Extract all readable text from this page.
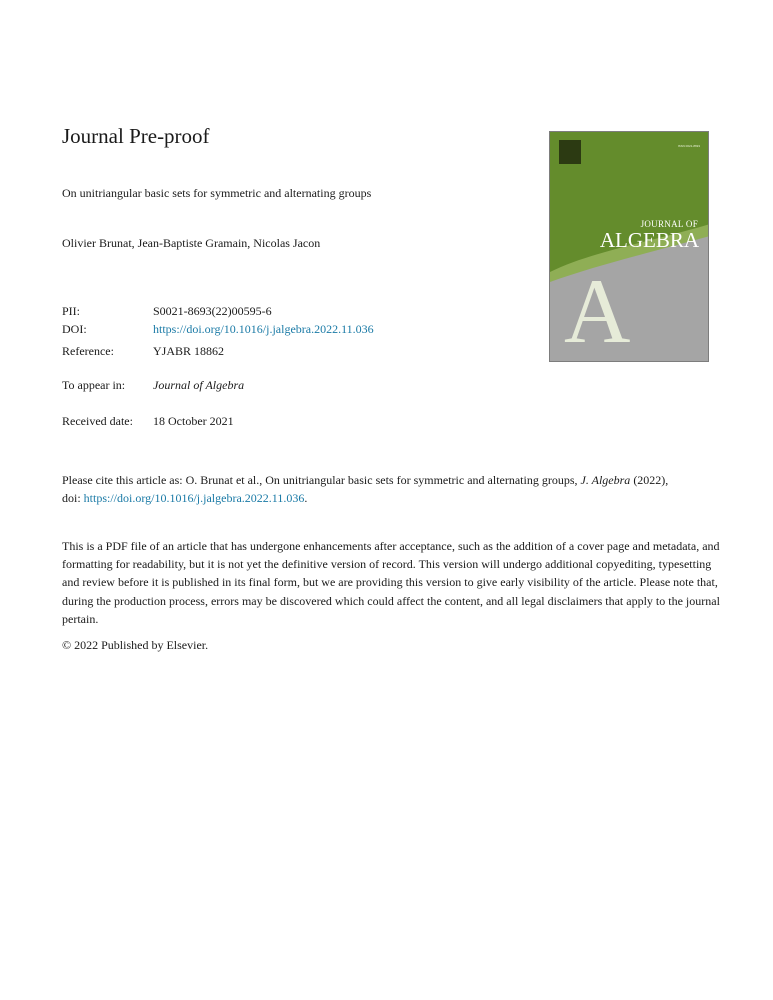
Journal Pre-proof
On unitriangular basic sets for symmetric and alternating groups
Olivier Brunat, Jean-Baptiste Gramain, Nicolas Jacon
PII:	S0021-8693(22)00595-6
DOI:	https://doi.org/10.1016/j.jalgebra.2022.11.036
Reference:	YJABR 18862
To appear in: Journal of Algebra
Received date: 18 October 2021
Please cite this article as: O. Brunat et al., On unitriangular basic sets for symmetric and alternating groups, J. Algebra (2022),
doi: https://doi.org/10.1016/j.jalgebra.2022.11.036.
This is a PDF file of an article that has undergone enhancements after acceptance, such as the addition of a cover page and metadata, and formatting for readability, but it is not yet the definitive version of record. This version will undergo additional copyediting, typesetting and review before it is published in its final form, but we are providing this version to give early visibility of the article. Please note that, during the production process, errors may be discovered which could affect the content, and all legal disclaimers that apply to the journal pertain.
© 2022 Published by Elsevier.
ISSN 0021-8693
JOURNAL OF
ALGEBRA
A
